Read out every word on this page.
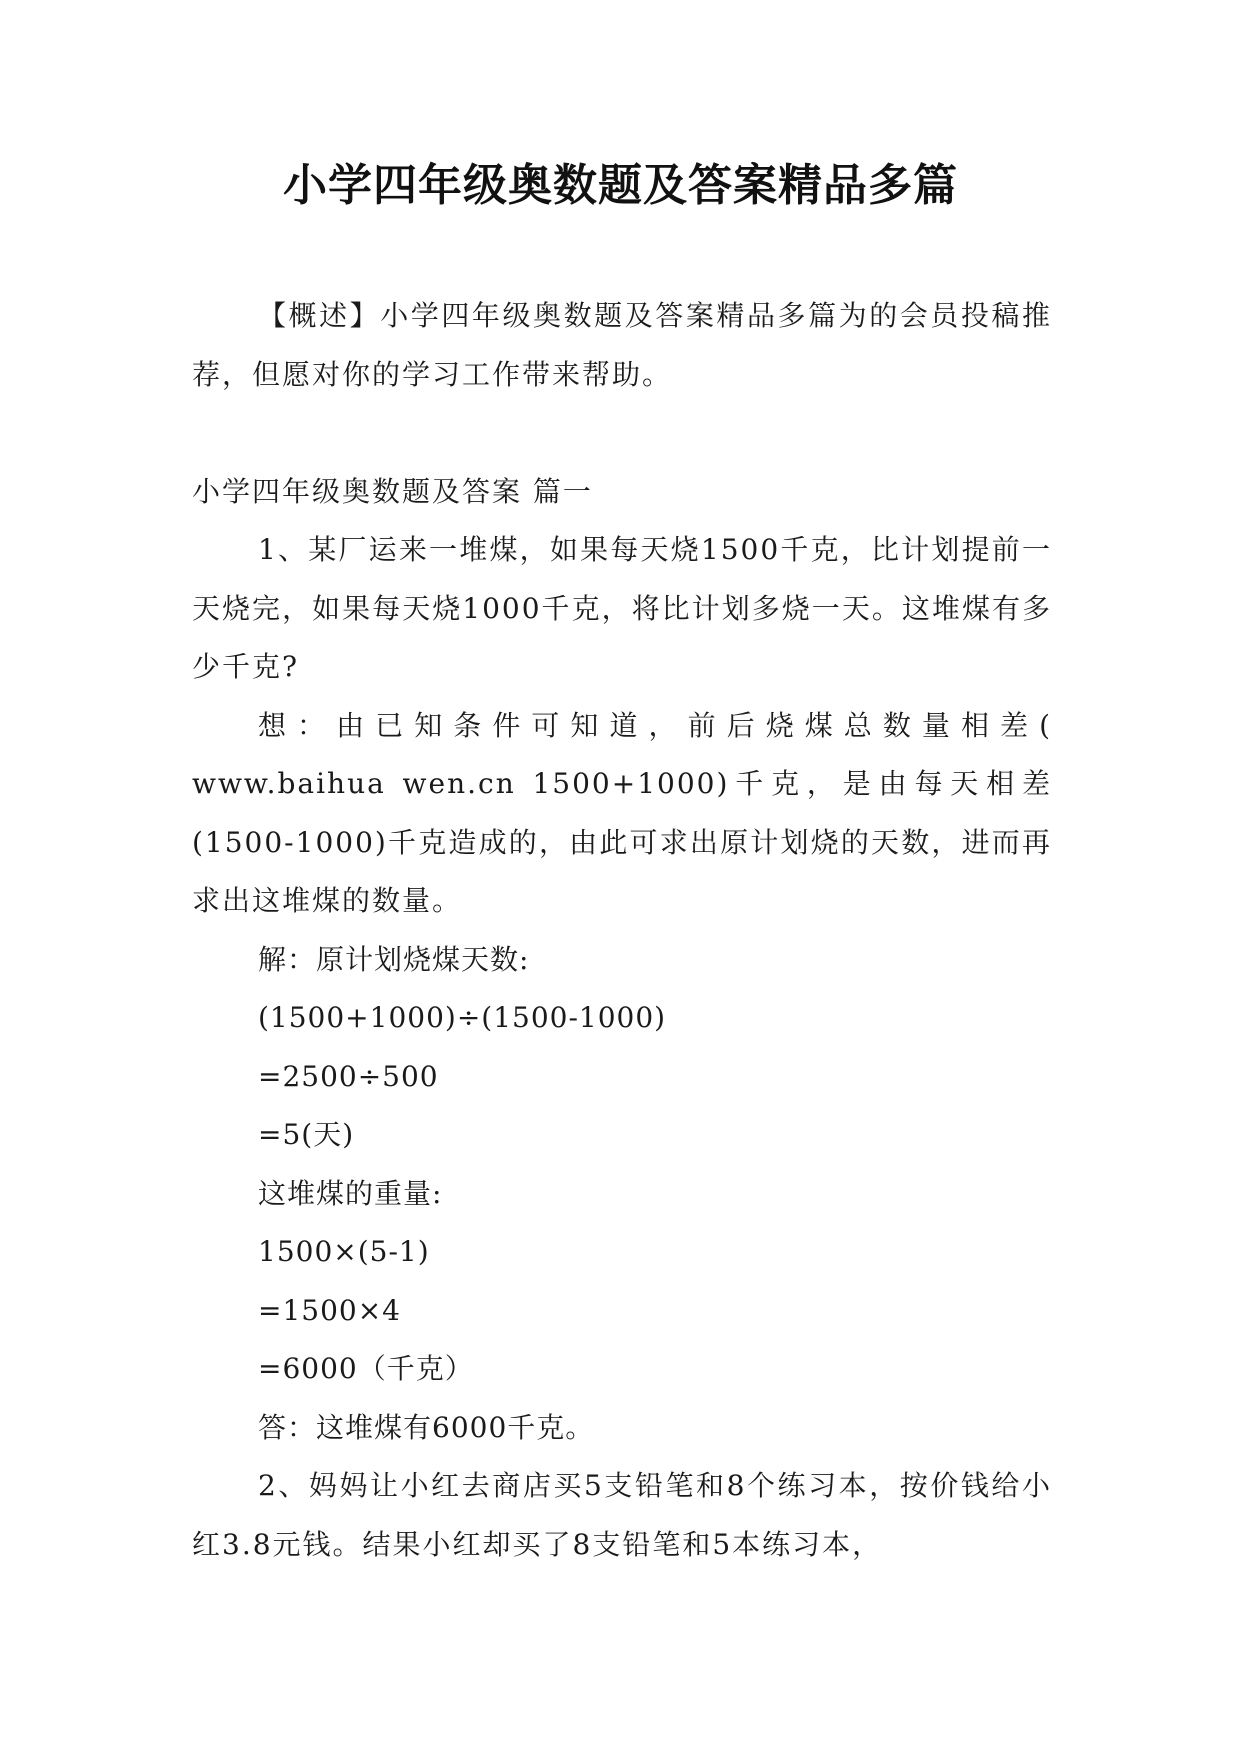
小学四年级奥数题及答案精品多篇

【概述】小学四年级奥数题及答案精品多篇为的会员投稿推荐，但愿对你的学习工作带来帮助。

小学四年级奥数题及答案 篇一

1、某厂运来一堆煤，如果每天烧1500千克，比计划提前一天烧完，如果每天烧1000千克，将比计划多烧一天。这堆煤有多少千克?

想：由已知条件可知道，前后烧煤总数量相差( www.baihua wen.cn 1500+1000)千克，是由每天相差(1500-1000)千克造成的，由此可求出原计划烧的天数，进而再求出这堆煤的数量。

解：原计划烧煤天数:

(1500+1000)÷(1500-1000)

=2500÷500

=5(天)

这堆煤的重量:

1500×(5-1)

=1500×4

=6000（千克）

答：这堆煤有6000千克。

2、妈妈让小红去商店买5支铅笔和8个练习本，按价钱给小红3.8元钱。结果小红却买了8支铅笔和5本练习本，
